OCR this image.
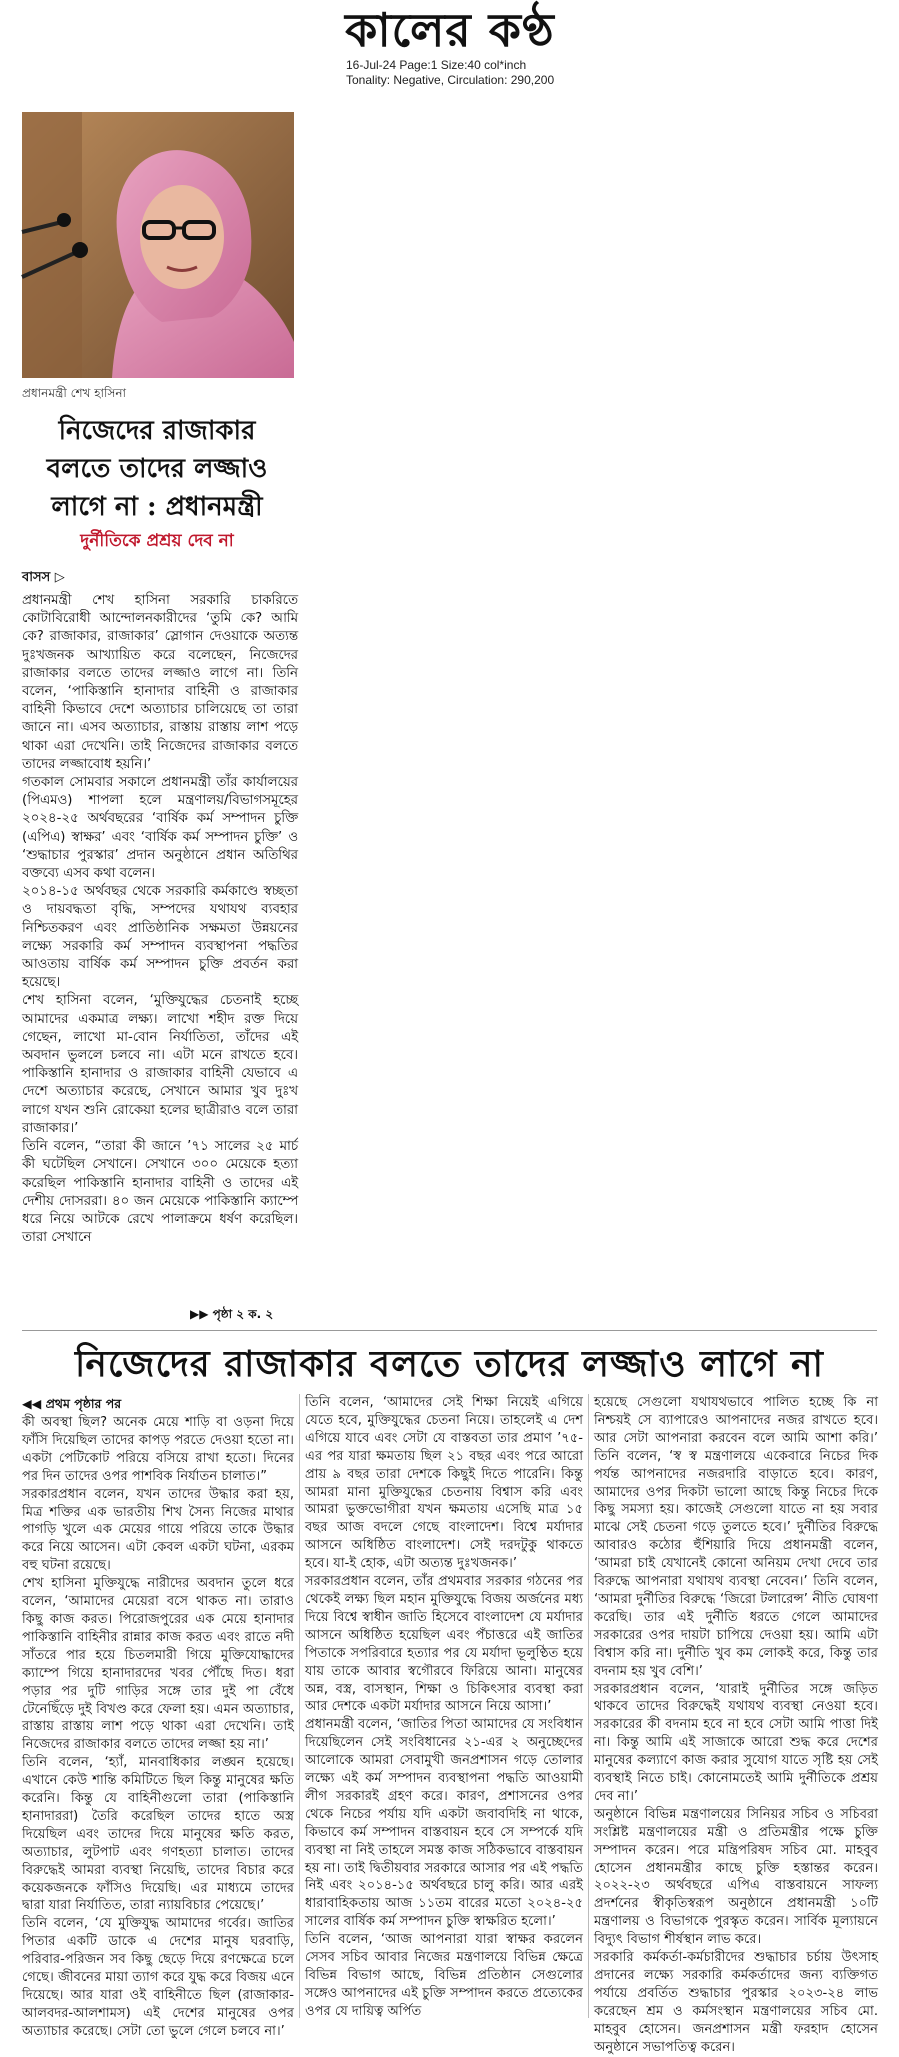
কালের কণ্ঠ
16-Jul-24 Page:1 Size:40 col*inch
Tonality: Negative, Circulation: 290,200
প্রধানমন্ত্রী শেখ হাসিনা
নিজেদের রাজাকার
বলতে তাদের লজ্জাও
লাগে না : প্রধানমন্ত্রী
দুর্নীতিকে প্রশ্রয় দেব না
বাসস ▷

প্রধানমন্ত্রী শেখ হাসিনা সরকারি চাকরিতে কোটাবিরোধী আন্দোলনকারীদের ‘তুমি কে? আমি কে? রাজাকার, রাজাকার’ স্লোগান দেওয়াকে অত্যন্ত দুঃখজনক আখ্যায়িত করে বলেছেন, নিজেদের রাজাকার বলতে তাদের লজ্জাও লাগে না। তিনি বলেন, ‘পাকিস্তানি হানাদার বাহিনী ও রাজাকার বাহিনী কিভাবে দেশে অত্যাচার চালিয়েছে তা তারা জানে না। এসব অত্যাচার, রাস্তায় রাস্তায় লাশ পড়ে থাকা এরা দেখেনি। তাই নিজেদের রাজাকার বলতে তাদের লজ্জাবোধ হয়নি।’

গতকাল সোমবার সকালে প্রধানমন্ত্রী তাঁর কার্যালয়ের (পিএমও) শাপলা হলে মন্ত্রণালয়/বিভাগসমূহের ২০২৪-২৫ অর্থবছরের ‘বার্ষিক কর্ম সম্পাদন চুক্তি (এপিএ) স্বাক্ষর’ এবং ‘বার্ষিক কর্ম সম্পাদন চুক্তি’ ও ‘শুদ্ধাচার পুরস্কার’ প্রদান অনুষ্ঠানে প্রধান অতিথির বক্তব্যে এসব কথা বলেন।

২০১৪-১৫ অর্থবছর থেকে সরকারি কর্মকাণ্ডে স্বচ্ছতা ও দায়বদ্ধতা বৃদ্ধি, সম্পদের যথাযথ ব্যবহার নিশ্চিতকরণ এবং প্রাতিষ্ঠানিক সক্ষমতা উন্নয়নের লক্ষ্যে সরকারি কর্ম সম্পাদন ব্যবস্থাপনা পদ্ধতির আওতায় বার্ষিক কর্ম সম্পাদন চুক্তি প্রবর্তন করা হয়েছে।

শেখ হাসিনা বলেন, ‘মুক্তিযুদ্ধের চেতনাই হচ্ছে আমাদের একমাত্র লক্ষ্য। লাখো শহীদ রক্ত দিয়ে গেছেন, লাখো মা-বোন নির্যাতিতা, তাঁদের এই অবদান ভুললে চলবে না। এটা মনে রাখতে হবে। পাকিস্তানি হানাদার ও রাজাকার বাহিনী যেভাবে এ দেশে অত্যাচার করেছে, সেখানে আমার খুব দুঃখ লাগে যখন শুনি রোকেয়া হলের ছাত্রীরাও বলে তারা রাজাকার।’

তিনি বলেন, “তারা কী জানে ’৭১ সালের ২৫ মার্চ কী ঘটেছিল সেখানে। সেখানে ৩০০ মেয়েকে হত্যা করেছিল পাকিস্তানি হানাদার বাহিনী ও তাদের এই দেশীয় দোসররা। ৪০ জন মেয়েকে পাকিস্তানি ক্যাম্পে ধরে নিয়ে আটকে রেখে পালাক্রমে ধর্ষণ করেছিল। তারা সেখানে

▶▶ পৃষ্ঠা ২ ক. ২
নিজেদের রাজাকার বলতে তাদের লজ্জাও লাগে না
◀◀ প্রথম পৃষ্ঠার পর

কী অবস্থা ছিল? অনেক মেয়ে শাড়ি বা ওড়না দিয়ে ফাঁসি দিয়েছিল তাদের কাপড় পরতে দেওয়া হতো না। একটা পেটিকোট পরিয়ে বসিয়ে রাখা হতো। দিনের পর দিন তাদের ওপর পাশবিক নির্যাতন চালাত।”

সরকারপ্রধান বলেন, যখন তাদের উদ্ধার করা হয়, মিত্র শক্তির এক ভারতীয় শিখ সৈন্য নিজের মাথার পাগড়ি খুলে এক মেয়ের গায়ে পরিয়ে তাকে উদ্ধার করে নিয়ে আসেন। এটা কেবল একটা ঘটনা, এরকম বহু ঘটনা রয়েছে।

শেখ হাসিনা মুক্তিযুদ্ধে নারীদের অবদান তুলে ধরে বলেন, ‘আমাদের মেয়েরা বসে থাকত না। তারাও কিছু কাজ করত। পিরোজপুরের এক মেয়ে হানাদার পাকিস্তানি বাহিনীর রান্নার কাজ করত এবং রাতে নদী সাঁতরে পার হয়ে চিতলমারী গিয়ে মুক্তিযোদ্ধাদের ক্যাম্পে গিয়ে হানাদারদের খবর পৌঁছে দিত। ধরা পড়ার পর দুটি গাড়ির সঙ্গে তার দুই পা বেঁধে টেনেছিঁড়ে দুই বিখণ্ড করে ফেলা হয়। এমন অত্যাচার, রাস্তায় রাস্তায় লাশ পড়ে থাকা এরা দেখেনি। তাই নিজেদের রাজাকার বলতে তাদের লজ্জা হয় না।’

তিনি বলেন, ‘হ্যাঁ, মানবাধিকার লঙ্ঘন হয়েছে। এখানে কেউ শান্তি কমিটিতে ছিল কিন্তু মানুষের ক্ষতি করেনি। কিন্তু যে বাহিনীগুলো তারা (পাকিস্তানি হানাদাররা) তৈরি করেছিল তাদের হাতে অস্ত্র দিয়েছিল এবং তাদের দিয়ে মানুষের ক্ষতি করত, অত্যাচার, লুটপাট এবং গণহত্যা চালাত। তাদের বিরুদ্ধেই আমরা ব্যবস্থা নিয়েছি, তাদের বিচার করে কয়েকজনকে ফাঁসিও দিয়েছি। এর মাধ্যমে তাদের দ্বারা যারা নির্যাতিত, তারা ন্যায়বিচার পেয়েছে।’

তিনি বলেন, ‘যে মুক্তিযুদ্ধ আমাদের গর্বের। জাতির পিতার একটি ডাকে এ দেশের মানুষ ঘরবাড়ি, পরিবার-পরিজন সব কিছু ছেড়ে দিয়ে রণক্ষেত্রে চলে গেছে। জীবনের মায়া ত্যাগ করে যুদ্ধ করে বিজয় এনে দিয়েছে। আর যারা ওই বাহিনীতে ছিল (রাজাকার-আলবদর-আলশামস) এই দেশের মানুষের ওপর অত্যাচার করেছে। সেটা তো ভুলে গেলে চলবে না।’

তিনি বলেন, ‘আমাদের সেই শিক্ষা নিয়েই এগিয়ে যেতে হবে, মুক্তিযুদ্ধের চেতনা নিয়ে। তাহলেই এ দেশ এগিয়ে যাবে এবং সেটা যে বাস্তবতা তার প্রমাণ ’৭৫-এর পর যারা ক্ষমতায় ছিল ২১ বছর এবং পরে আরো প্রায় ৯ বছর তারা দেশকে কিছুই দিতে পারেনি। কিন্তু আমরা মানা মুক্তিযুদ্ধের চেতনায় বিশ্বাস করি এবং আমরা ভুক্তভোগীরা যখন ক্ষমতায় এসেছি মাত্র ১৫ বছর আজ বদলে গেছে বাংলাদেশ। বিশ্বে মর্যাদার আসনে অধিষ্ঠিত বাংলাদেশ। সেই দরদটুকু থাকতে হবে। যা-ই হোক, এটা অত্যন্ত দুঃখজনক।’

সরকারপ্রধান বলেন, তাঁর প্রথমবার সরকার গঠনের পর থেকেই লক্ষ্য ছিল মহান মুক্তিযুদ্ধে বিজয় অর্জনের মধ্য দিয়ে বিশ্বে স্বাধীন জাতি হিসেবে বাংলাদেশ যে মর্যাদার আসনে অধিষ্ঠিত হয়েছিল এবং পঁচাত্তরে এই জাতির পিতাকে সপরিবারে হত্যার পর যে মর্যাদা ভূলুণ্ঠিত হয়ে যায় তাকে আবার স্বগৌরবে ফিরিয়ে আনা। মানুষের অন্ন, বস্ত্র, বাসস্থান, শিক্ষা ও চিকিৎসার ব্যবস্থা করা আর দেশকে একটা মর্যাদার আসনে নিয়ে আসা।’

প্রধানমন্ত্রী বলেন, ‘জাতির পিতা আমাদের যে সংবিধান দিয়েছিলেন সেই সংবিধানের ২১-এর ২ অনুচ্ছেদের আলোকে আমরা সেবামুখী জনপ্রশাসন গড়ে তোলার লক্ষ্যে এই কর্ম সম্পাদন ব্যবস্থাপনা পদ্ধতি আওয়ামী লীগ সরকারই গ্রহণ করে। কারণ, প্রশাসনের ওপর থেকে নিচের পর্যায় যদি একটা জবাবদিহি না থাকে, কিভাবে কর্ম সম্পাদন বাস্তবায়ন হবে সে সম্পর্কে যদি ব্যবস্থা না নিই তাহলে সমস্ত কাজ সঠিকভাবে বাস্তবায়ন হয় না। তাই দ্বিতীয়বার সরকারে আসার পর এই পদ্ধতি নিই এবং ২০১৪-১৫ অর্থবছরে চালু করি। আর এরই ধারাবাহিকতায় আজ ১১তম বারের মতো ২০২৪-২৫ সালের বার্ষিক কর্ম সম্পাদন চুক্তি স্বাক্ষরিত হলো।’

তিনি বলেন, ‘আজ আপনারা যারা স্বাক্ষর করলেন সেসব সচিব আবার নিজের মন্ত্রণালয়ে বিভিন্ন ক্ষেত্রে বিভিন্ন বিভাগ আছে, বিভিন্ন প্রতিষ্ঠান সেগুলোর সঙ্গেও আপনাদের এই চুক্তি সম্পাদন করতে প্রত্যেকের ওপর যে দায়িত্ব অর্পিত

হয়েছে সেগুলো যথাযথভাবে পালিত হচ্ছে কি না নিশ্চয়ই সে ব্যাপারেও আপনাদের নজর রাখতে হবে। আর সেটা আপনারা করবেন বলে আমি আশা করি।’ তিনি বলেন, ‘স্ব স্ব মন্ত্রণালয়ে একেবারে নিচের দিক পর্যন্ত আপনাদের নজরদারি বাড়াতে হবে। কারণ, আমাদের ওপর দিকটা ভালো আছে কিন্তু নিচের দিকে কিছু সমস্যা হয়। কাজেই সেগুলো যাতে না হয় সবার মাঝে সেই চেতনা গড়ে তুলতে হবে।’ দুর্নীতির বিরুদ্ধে আবারও কঠোর হুঁশিয়ারি দিয়ে প্রধানমন্ত্রী বলেন, ‘আমরা চাই যেখানেই কোনো অনিয়ম দেখা দেবে তার বিরুদ্ধে আপনারা যথাযথ ব্যবস্থা নেবেন।’ তিনি বলেন, ‘আমরা দুর্নীতির বিরুদ্ধে ‘জিরো টলারেন্স’ নীতি ঘোষণা করেছি। তার এই দুর্নীতি ধরতে গেলে আমাদের সরকারের ওপর দায়টা চাপিয়ে দেওয়া হয়। আমি এটা বিশ্বাস করি না। দুর্নীতি খুব কম লোকই করে, কিন্তু তার বদনাম হয় খুব বেশি।’

সরকারপ্রধান বলেন, ‘যারাই দুর্নীতির সঙ্গে জড়িত থাকবে তাদের বিরুদ্ধেই যথাযথ ব্যবস্থা নেওয়া হবে। সরকারের কী বদনাম হবে না হবে সেটা আমি পাত্তা দিই না। কিন্তু আমি এই সাজাকে আরো শুদ্ধ করে দেশের মানুষের কল্যাণে কাজ করার সুযোগ যাতে সৃষ্টি হয় সেই ব্যবস্থাই নিতে চাই। কোনোমতেই আমি দুর্নীতিকে প্রশ্রয় দেব না।’

অনুষ্ঠানে বিভিন্ন মন্ত্রণালয়ের সিনিয়র সচিব ও সচিবরা সংশ্লিষ্ট মন্ত্রণালয়ের মন্ত্রী ও প্রতিমন্ত্রীর পক্ষে চুক্তি সম্পাদন করেন। পরে মন্ত্রিপরিষদ সচিব মো. মাহবুব হোসেন প্রধানমন্ত্রীর কাছে চুক্তি হস্তান্তর করেন। ২০২২-২৩ অর্থবছরে এপিএ বাস্তবায়নে সাফল্য প্রদর্শনের স্বীকৃতিস্বরূপ অনুষ্ঠানে প্রধানমন্ত্রী ১০টি মন্ত্রণালয় ও বিভাগকে পুরস্কৃত করেন। সার্বিক মূল্যায়নে বিদ্যুৎ বিভাগ শীর্ষস্থান লাভ করে।

সরকারি কর্মকর্তা-কর্মচারীদের শুদ্ধাচার চর্চায় উৎসাহ প্রদানের লক্ষ্যে সরকারি কর্মকর্তাদের জন্য ব্যক্তিগত পর্যায়ে প্রবর্তিত শুদ্ধাচার পুরস্কার ২০২৩-২৪ লাভ করেছেন শ্রম ও কর্মসংস্থান মন্ত্রণালয়ের সচিব মো. মাহবুব হোসেন। জনপ্রশাসন মন্ত্রী ফরহাদ হোসেন অনুষ্ঠানে সভাপতিত্ব করেন।
